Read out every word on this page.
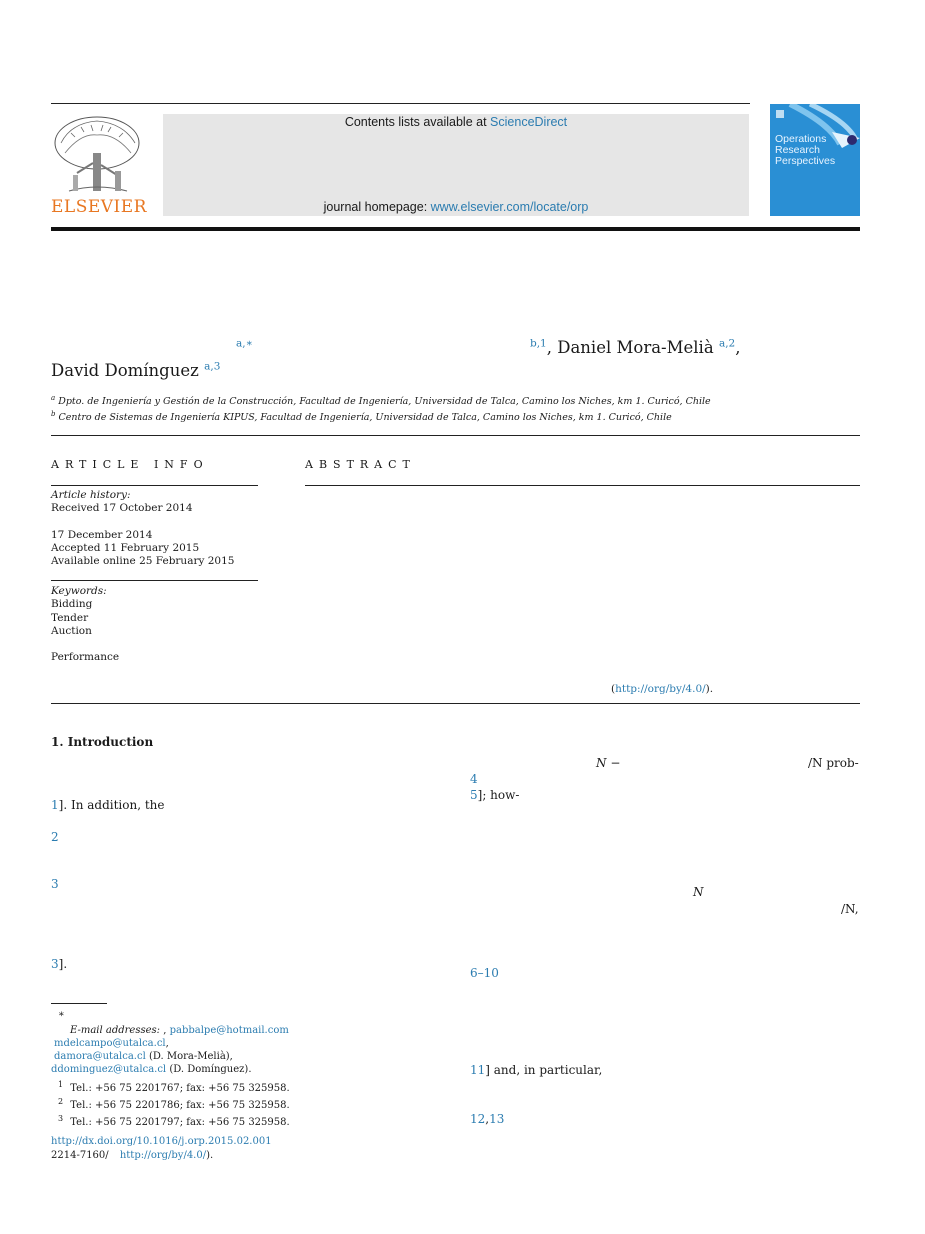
ELSEVIER
Contents lists available at ScienceDirect
journal homepage: www.elsevier.com/locate/orp
Operations Research Perspectives
$^{a,∗}$	$^{b,1}$, Daniel Mora-Melià $^{a,2}$,
David Domínguez $^{a,3}$
$^a$ Dpto. de Ingeniería y Gestión de la Construcción, Facultad de Ingeniería, Universidad de Talca, Camino los Niches, km 1. Curicó, Chile
$^b$ Centro de Sistemas de Ingeniería KIPUS, Facultad de Ingeniería, Universidad de Talca, Camino los Niches, km 1. Curicó, Chile
ARTICLE INFO
Article history:
Received 17 October 2014
17 December 2014
Accepted 11 February 2015
Available online 25 February 2015
Keywords:
Bidding
Tender
Auction
Performance
ABSTRACT
(http://org/by/4.0/).
1. Introduction
1]. In addition, the
2
3
3].
N −	/N prob-
4
5]; how-
N
/N,
6–10
11] and, in particular,
12,13
∗
E-mail addresses: , pabbalpe@hotmail.com
mdelcampo@utalca.cl,
damora@utalca.cl (D. Mora-Melià),
ddominguez@utalca.cl (D. Domínguez).
$^1$ Tel.: +56 75 2201767; fax: +56 75 325958.
$^2$ Tel.: +56 75 2201786; fax: +56 75 325958.
$^3$ Tel.: +56 75 2201797; fax: +56 75 325958.
http://dx.doi.org/10.1016/j.orp.2015.02.001
2214-7160/ http://org/by/4.0/).
